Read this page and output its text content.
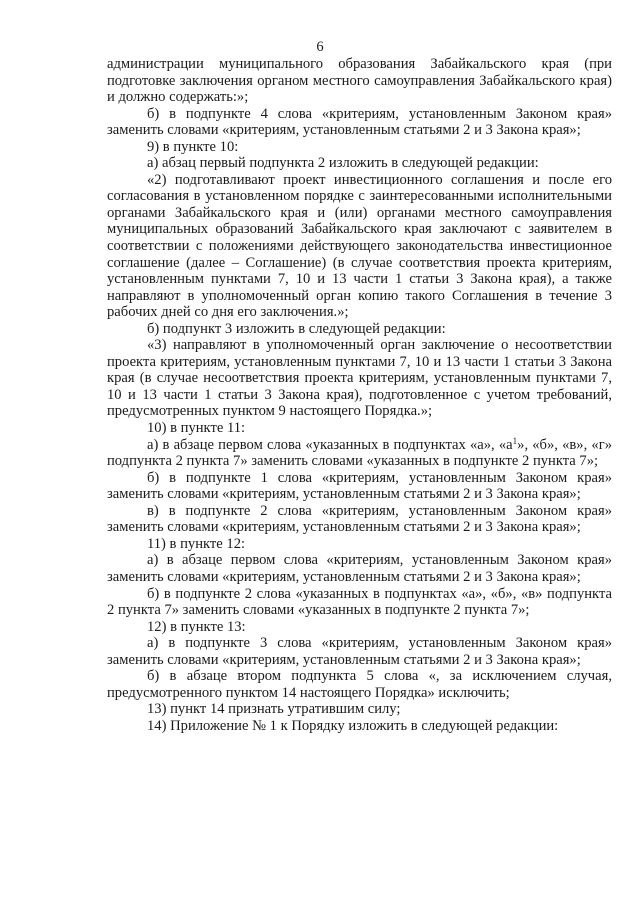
6

администрации муниципального образования Забайкальского края (при подготовке заключения органом местного самоуправления Забайкальского края) и должно содержать:»;

б) в подпункте 4 слова «критериям, установленным Законом края» заменить словами «критериям, установленным статьями 2 и 3 Закона края»;

9) в пункте 10:

а) абзац первый подпункта 2 изложить в следующей редакции:

«2) подготавливают проект инвестиционного соглашения и после его согласования в установленном порядке с заинтересованными исполнительными органами Забайкальского края и (или) органами местного самоуправления муниципальных образований Забайкальского края заключают с заявителем в соответствии с положениями действующего законодательства инвестиционное соглашение (далее – Соглашение) (в случае соответствия проекта критериям, установленным пунктами 7, 10 и 13 части 1 статьи 3 Закона края), а также направляют в уполномоченный орган копию такого Соглашения в течение 3 рабочих дней со дня его заключения.»;

б) подпункт 3 изложить в следующей редакции:

«3) направляют в уполномоченный орган заключение о несоответствии проекта критериям, установленным пунктами 7, 10 и 13 части 1 статьи 3 Закона края (в случае несоответствия проекта критериям, установленным пунктами 7, 10 и 13 части 1 статьи 3 Закона края), подготовленное с учетом требований, предусмотренных пунктом 9 настоящего Порядка.»;

10) в пункте 11:

а) в абзаце первом слова «указанных в подпунктах «а», «$а^1$», «б», «в», «г» подпункта 2 пункта 7» заменить словами «указанных в подпункте 2 пункта 7»;

б) в подпункте 1 слова «критериям, установленным Законом края» заменить словами «критериям, установленным статьями 2 и 3 Закона края»;

в) в подпункте 2 слова «критериям, установленным Законом края» заменить словами «критериям, установленным статьями 2 и 3 Закона края»;

11) в пункте 12:

а) в абзаце первом слова «критериям, установленным Законом края» заменить словами «критериям, установленным статьями 2 и 3 Закона края»;

б) в подпункте 2 слова «указанных в подпунктах «а», «б», «в» подпункта 2 пункта 7» заменить словами «указанных в подпункте 2 пункта 7»;

12) в пункте 13:

а) в подпункте 3 слова «критериям, установленным Законом края» заменить словами «критериям, установленным статьями 2 и 3 Закона края»;

б) в абзаце втором подпункта 5 слова «, за исключением случая, предусмотренного пунктом 14 настоящего Порядка» исключить;

13) пункт 14 признать утратившим силу;

14) Приложение № 1 к Порядку изложить в следующей редакции:
